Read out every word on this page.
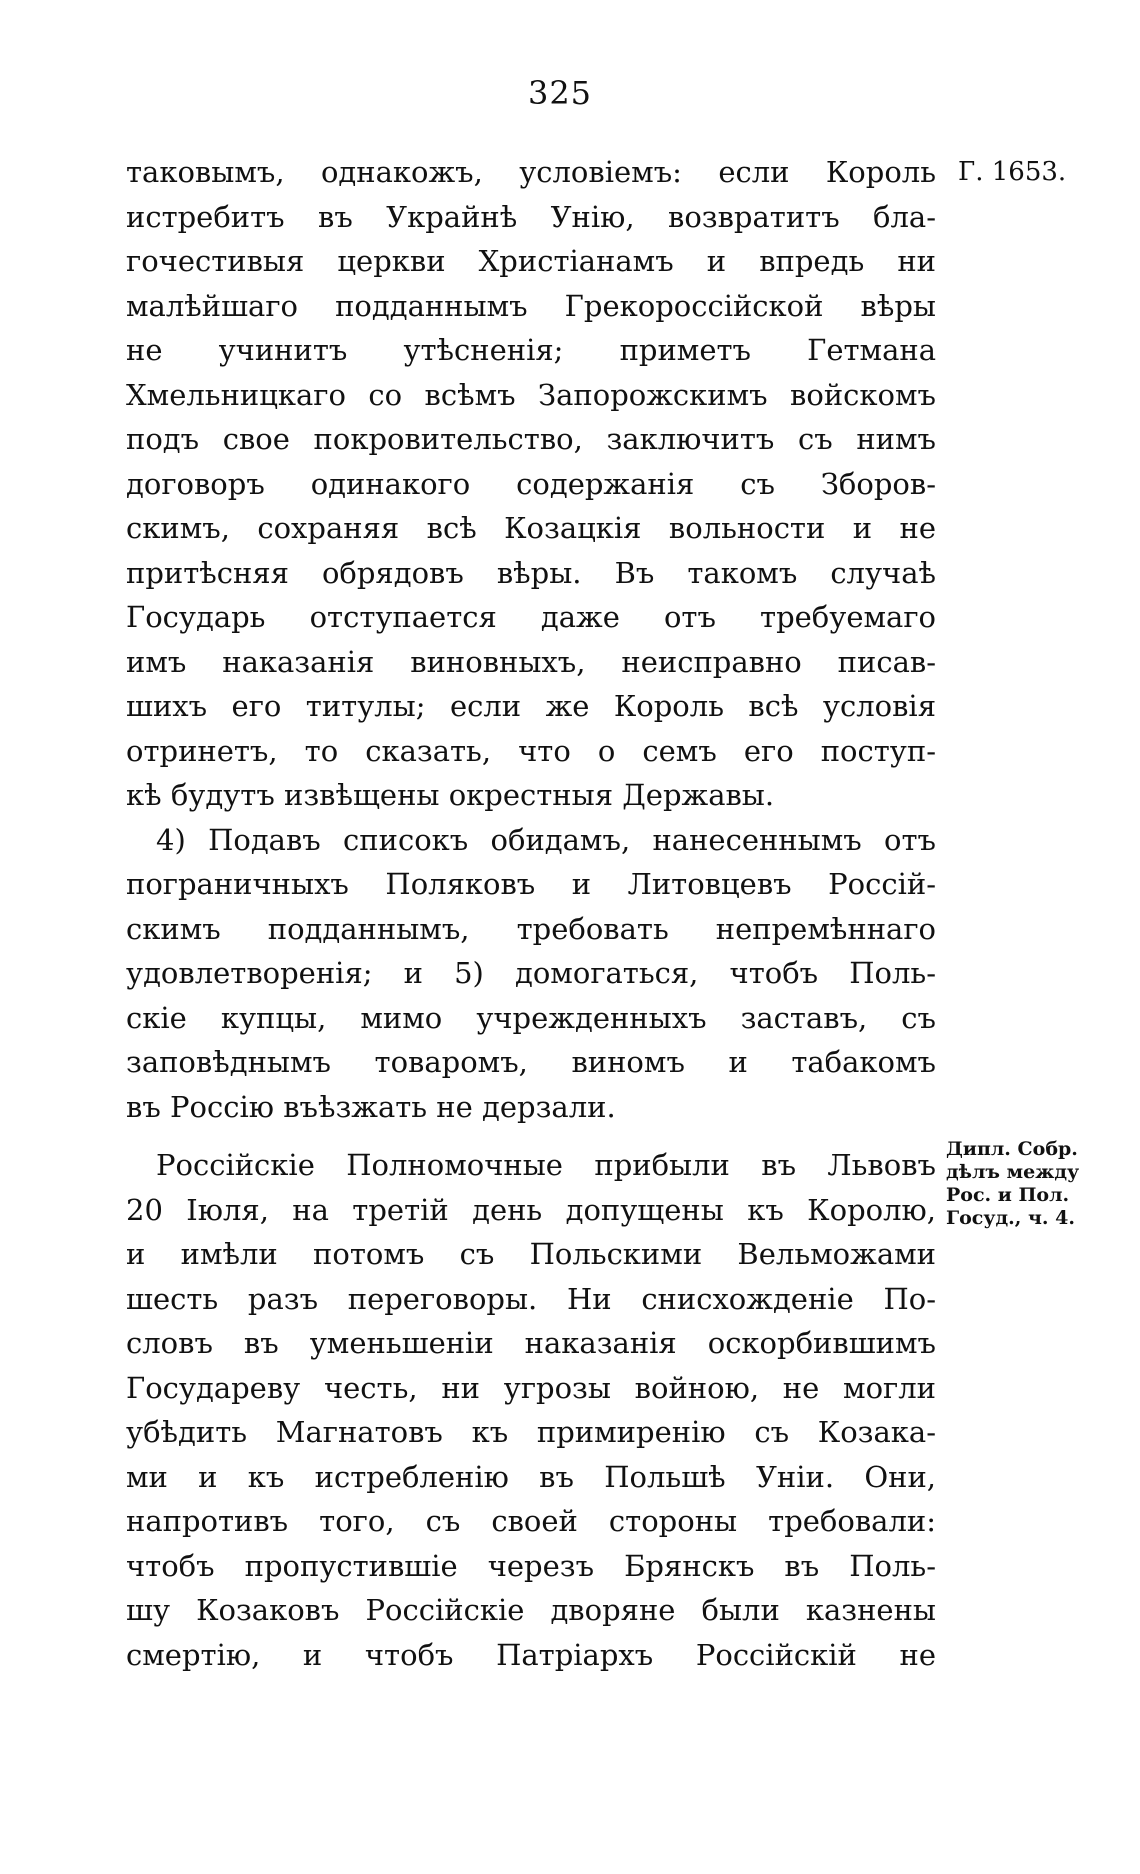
325
Г. 1653.
Дипл. Собр.
дѣлъ между
Рос. и Пол.
Госуд., ч. 4.
таковымъ, однакожъ, условіемъ: если Король
истребитъ въ Украйнѣ Унію, возвратитъ бла-
гочестивыя церкви Христіанамъ и впредь ни
малѣйшаго подданнымъ Грекороссійской вѣры
не учинитъ утѣсненія; приметъ Гетмана
Хмельницкаго со всѣмъ Запорожскимъ войскомъ
подъ свое покровительство, заключитъ съ нимъ
договоръ одинакого содержанія съ Зборов-
скимъ, сохраняя всѣ Козацкія вольности и не
притѣсняя обрядовъ вѣры. Въ такомъ случаѣ
Государь отступается даже отъ требуемаго
имъ наказанія виновныхъ, неисправно писав-
шихъ его титулы; если же Король всѣ условія
отринетъ, то сказать, что о семъ его поступ-
кѣ будутъ извѣщены окрестныя Державы.
4) Подавъ списокъ обидамъ, нанесеннымъ отъ
пограничныхъ Поляковъ и Литовцевъ Россій-
скимъ подданнымъ, требовать непремѣннаго
удовлетворенія; и 5) домогаться, чтобъ Поль-
скіе купцы, мимо учрежденныхъ заставъ, съ
заповѣднымъ товаромъ, виномъ и табакомъ
въ Россію въѣзжать не дерзали.
Россійскіе Полномочные прибыли въ Львовъ
20 Іюля, на третій день допущены къ Королю,
и имѣли потомъ съ Польскими Вельможами
шесть разъ переговоры. Ни снисхожденіе По-
словъ въ уменьшеніи наказанія оскорбившимъ
Государеву честь, ни угрозы войною, не могли
убѣдить Магнатовъ къ примиренію съ Козака-
ми и къ истребленію въ Польшѣ Уніи. Они,
напротивъ того, съ своей стороны требовали:
чтобъ пропустившіе черезъ Брянскъ въ Поль-
шу Козаковъ Россійскіе дворяне были казнены
смертію, и чтобъ Патріархъ Россійскій не
